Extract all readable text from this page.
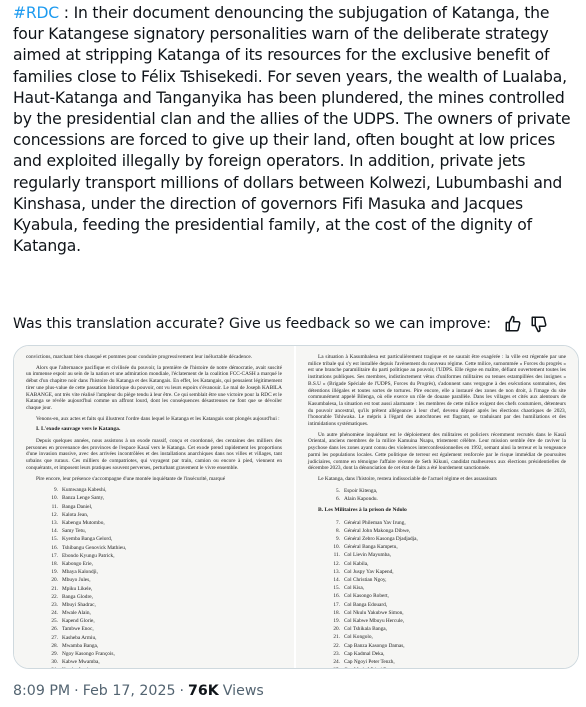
#RDC : In their document denouncing the subjugation of Katanga, the four Katangese signatory personalities warn of the deliberate strategy aimed at stripping Katanga of its resources for the exclusive benefit of families close to Félix Tshisekedi. For seven years, the wealth of Lualaba, Haut-Katanga and Tanganyika has been plundered, the mines controlled by the presidential clan and the allies of the UDPS. The owners of private concessions are forced to give up their land, often bought at low prices and exploited illegally by foreign operators. In addition, private jets regularly transport millions of dollars between Kolwezi, Lubumbashi and Kinshasa, under the direction of governors Fifi Masuka and Jacques Kyabula, feeding the presidential family, at the cost of the dignity of Katanga.
Was this translation accurate? Give us feedback so we can improve:

convictions, marchant bien chasqué et pommes pour conduire progressivement leur inéluctable décadence.

Alors que l'alternance pacifique et civilisée du pouvoir, la première de l'histoire de notre démocratie, avait suscité un immense espoir au sein de la nation et une admiration mondiale, l'éclatement de la coalition FCC-CASH a marqué le début d'un chapitre noir dans l'histoire du Katanga et des Katangais. En effet, les Katangais, qui pensaient légitimement tirer une plus-value de cette passation historique du pouvoir, ont vu leurs espoirs s'évanouir. Le mal de Joseph KABILA KABANGE, ont très vite réalisé l'ampleur du piège tendu à leur être. Ce qui semblait être une victoire pour la RDC et le Katanga se révèle aujourd'hui comme un affront lourd, dont les conséquences désastreuses ne font que se dévoiler chaque jour.

Venons-en, aux actes et faits qui illustrent l'ordre dans lequel le Katanga et les Katangais sont plongés aujourd'hui :

I. L'exode sauvage vers le Katanga.

Depuis quelques années, nous assistons à un exode massif, conçu et coordonné, des centaines des milliers des personnes en provenance des provinces de l'espace Kasaï vers le Katanga. Cet exode prend rapidement les proportions d'une invasion massive, avec des arrivées incontrôlées et des installations anarchiques dans nos villes et villages, tant urbains que ruraux. Ces milliers de compatriotes, qui voyagent par train, camion ou encore à pied, viennent en conquérants, et imposent leurs pratiques souvent perverses, perturbant gravement le vivre ensemble.

Pire encore, leur présence s'accompagne d'une montée inquiétante de l'insécurité, marqué

9. Kumwanga Kabeshi,
10. Banza Lenge Samy,
11. Banga Daniel,
12. Kalota Jean,
13. Kabengu Mutombo,
14. Samy Tetu,
15. Kyemba Banga Gelord,
16. Tshibangu Genovick Mathieu,
17. Ebondo Kyungu Patrick,
18. Kabongo Erie,
19. Mbaya Kalondji,
20. Mbuyo Jules,
21. Mpiku Likele,
22. Banga Glodre,
23. Mbuyi Shadrac,
24. Mwale Alain,
25. Kapend Glorie,
26. Tambwe Enoc,
27. Kasheba Armiu,
28. Mwamba Banga,
29. Ngoy Kasongo François,
30. Kabwe Mwamba,

La situation à Kasumbalesa est particulièrement tragique et ne saurait être exagérée : la ville est régentée par une milice tribale qui s'y est installée depuis l'avènement du nouveau régime. Cette milice, surnommée « Forces du progrès » est une branche paramilitaire du parti politique au pouvoir, l'UDPS. Elle règne en maître, défiant ouvertement toutes les institutions publiques. Ses membres, indistinctement vêtus d'uniformes militaires ou tenues estampillées des insignes « B.S.U » (Brigade Spéciale de l'UDPS, Forces du Progrès), s'adonnent sans vergogne à des exécutions sommaires, des détentions illégales et toutes sortes de tortures. Pire encore, elle a instauré des zones de non droit, à l'image du site communément appelé Bilenga, où elle exerce un rôle de douane parallèle. Dans les villages et cités aux alentours de Kasumbalesa, la situation est tout aussi alarmante : les membres de cette milice exigent des chefs coutumiers, détenteurs du pouvoir ancestral, qu'ils prêtent allégeance à leur chef, devenu député après les élections chaotiques de 2023, l'honorable Tshiwaka. Le mépris à l'égard des autochtones est flagrant, se traduisant par des humiliations et des intimidations systématiques.

Un autre phénomène inquiétant est le déploiement des militaires et policiers récemment recrutés dans le Kasaï Oriental, anciens membres de la milice Kamuina Nsapu, tristement célèbre. Leur mission semble être de raviver la psychose dans les zones ayant connu des violences interconfessionnelles en 1992, semant ainsi la terreur et la vengeance parmi les populations locales. Cette politique de terreur est également renforcée par le risque immédiat de poursuites judiciaires, comme en témoigne l'affaire récente de Seth Kikuni, candidat malheureux aux élections présidentielles de décembre 2023, dont la dénonciation de cet état de faits a été lourdement sanctionnée.

Le Katanga, dans l'histoire, restera indissociable de l'actuel régime et des assassinats

5. Espoir Kitenga,
6. Alain Kapondu.
B. Les Militaires à la prison de Ndolo
7. Général Phileman Yav Irung,
8. Général John Makonga Dibwe,
9. Général Zebro Kasonga Djadjadja,
10. Général Banga Kampetu,
11. Col Lievin Mayumba,
12. Col Kabila,
13. Col Juspy Yav Kapend,
14. Col Christian Ngoy,
15. Col Kisa,
16. Col Kasongo Robert,
17. Col Banga Edouard,
18. Col Nkulu Yakubwe Simon,
19. Col Kabwe Mbuyu Hercule,
20. Col Tshikala Banga,
21. Col Kongolo,
22. Cap Banza Kasongo Damas,
23. Cap Kadmal Deka,
24. Cap Ngoyi Peter Tenzh,
8:09 PM · Feb 17, 2025 · 76K Views
